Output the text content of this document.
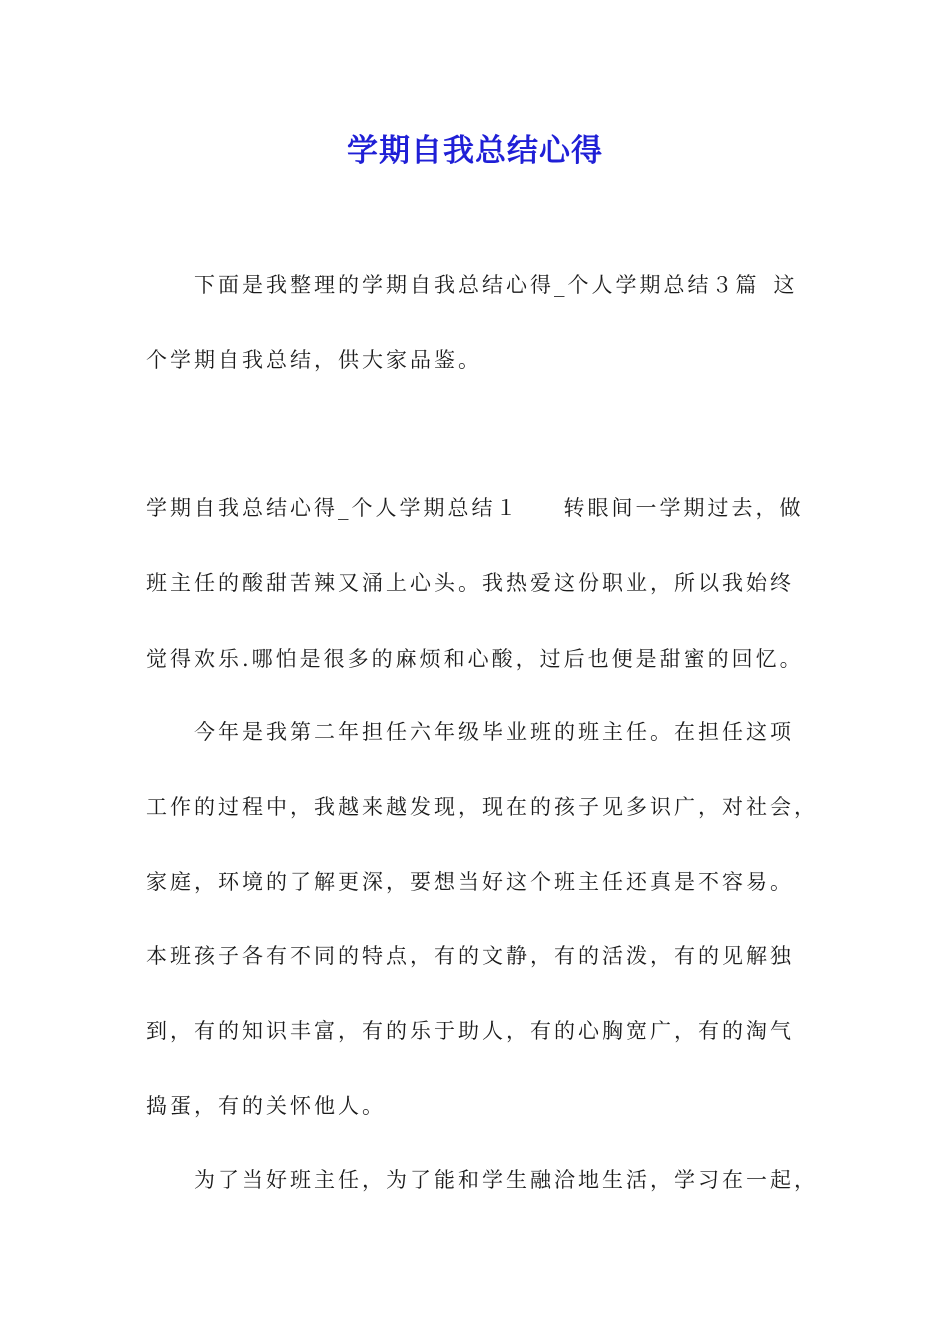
学期自我总结心得
下面是我整理的学期自我总结心得_个人学期总结３篇 这
个学期自我总结，供大家品鉴。
学期自我总结心得_个人学期总结１ 转眼间一学期过去，做
班主任的酸甜苦辣又涌上心头。我热爱这份职业，所以我始终
觉得欢乐.哪怕是很多的麻烦和心酸，过后也便是甜蜜的回忆。
今年是我第二年担任六年级毕业班的班主任。在担任这项
工作的过程中，我越来越发现，现在的孩子见多识广，对社会，
家庭，环境的了解更深，要想当好这个班主任还真是不容易。
本班孩子各有不同的特点，有的文静，有的活泼，有的见解独
到，有的知识丰富，有的乐于助人，有的心胸宽广，有的淘气
捣蛋，有的关怀他人。
为了当好班主任，为了能和学生融洽地生活，学习在一起，
